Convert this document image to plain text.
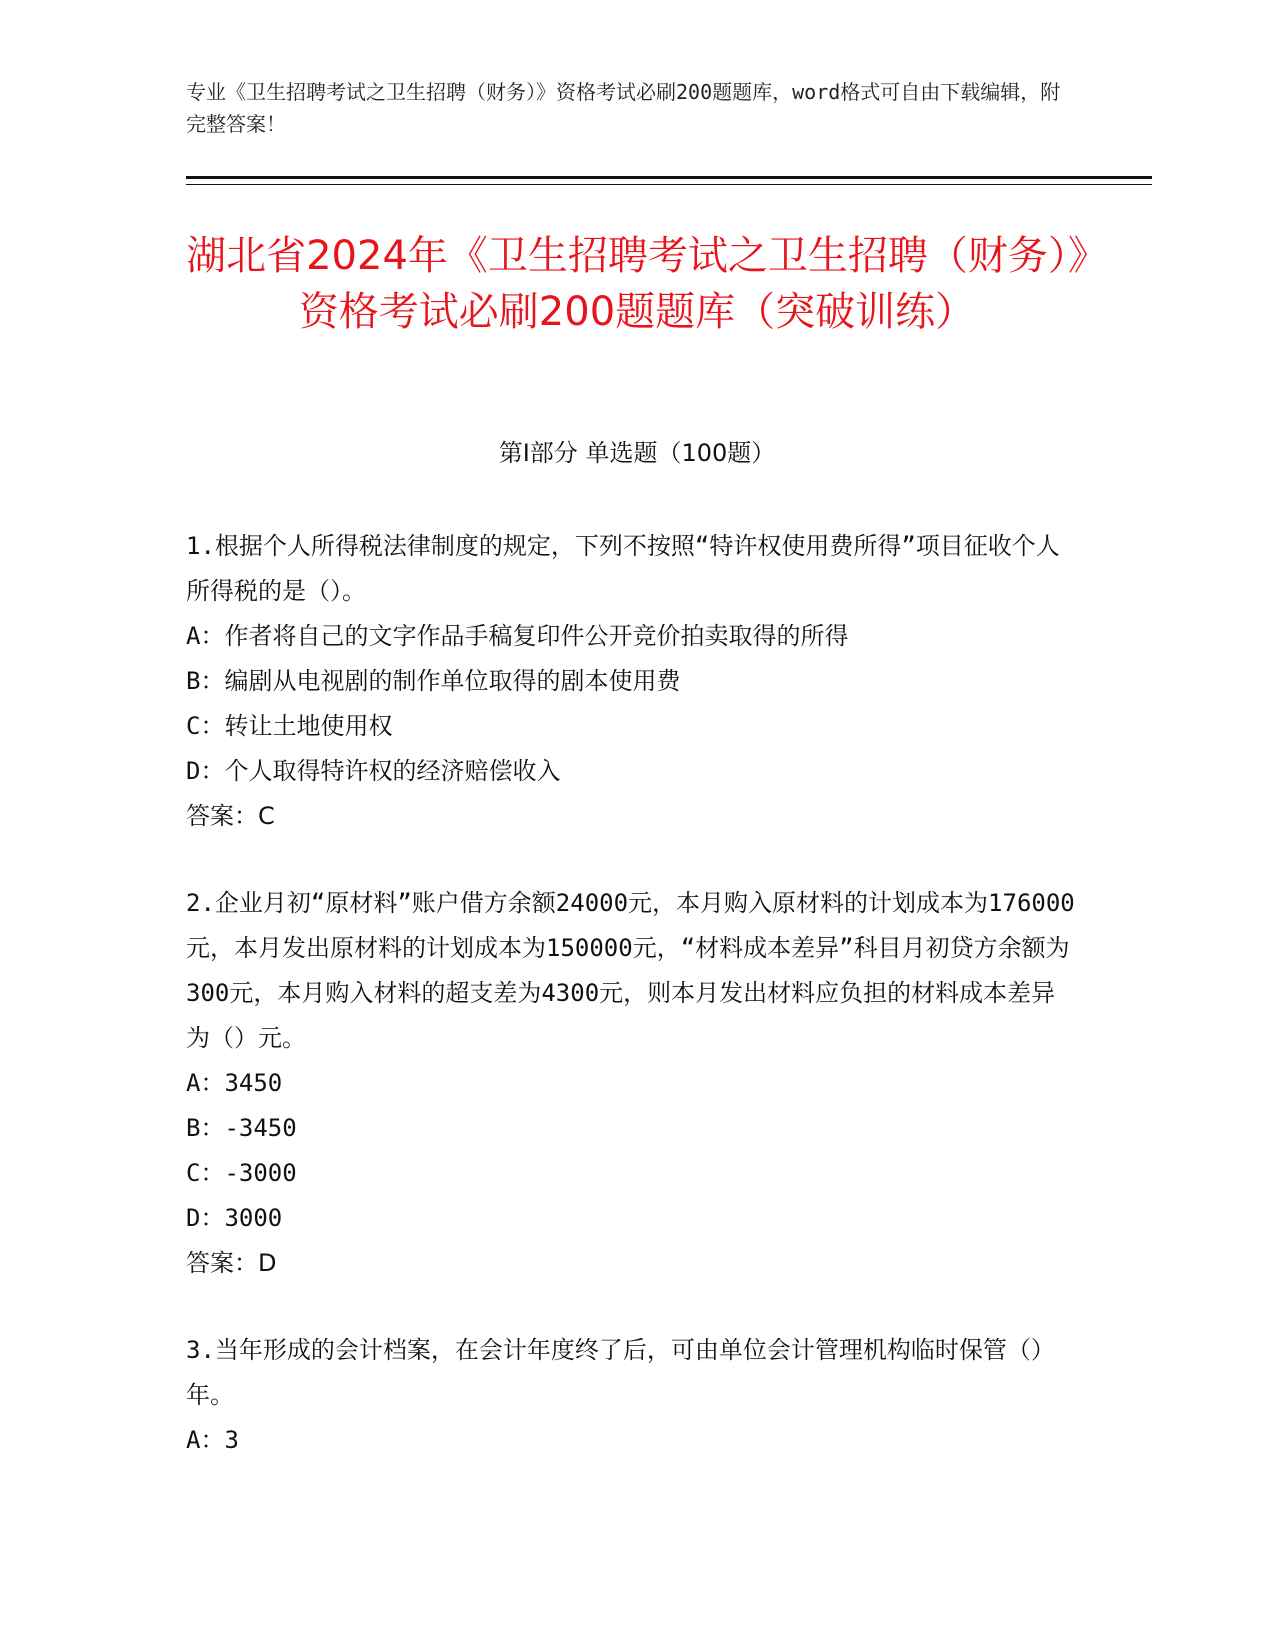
专业《卫生招聘考试之卫生招聘（财务）》资格考试必刷200题题库，word格式可自由下载编辑，附完整答案！
湖北省2024年《卫生招聘考试之卫生招聘（财务）》资格考试必刷200题题库（突破训练）
第Ⅰ部分 单选题（100题）

1.根据个人所得税法律制度的规定，下列不按照“特许权使用费所得”项目征收个人所得税的是（）。

A：作者将自己的文字作品手稿复印件公开竞价拍卖取得的所得

B：编剧从电视剧的制作单位取得的剧本使用费

C：转让土地使用权

D：个人取得特许权的经济赔偿收入

答案：C

2.企业月初“原材料”账户借方余额24000元，本月购入原材料的计划成本为176000元，本月发出原材料的计划成本为150000元，“材料成本差异”科目月初贷方余额为300元，本月购入材料的超支差为4300元，则本月发出材料应负担的材料成本差异为（）元。

A：3450

B：-3450

C：-3000

D：3000

答案：D

3.当年形成的会计档案，在会计年度终了后，可由单位会计管理机构临时保管（）年。

A：3
